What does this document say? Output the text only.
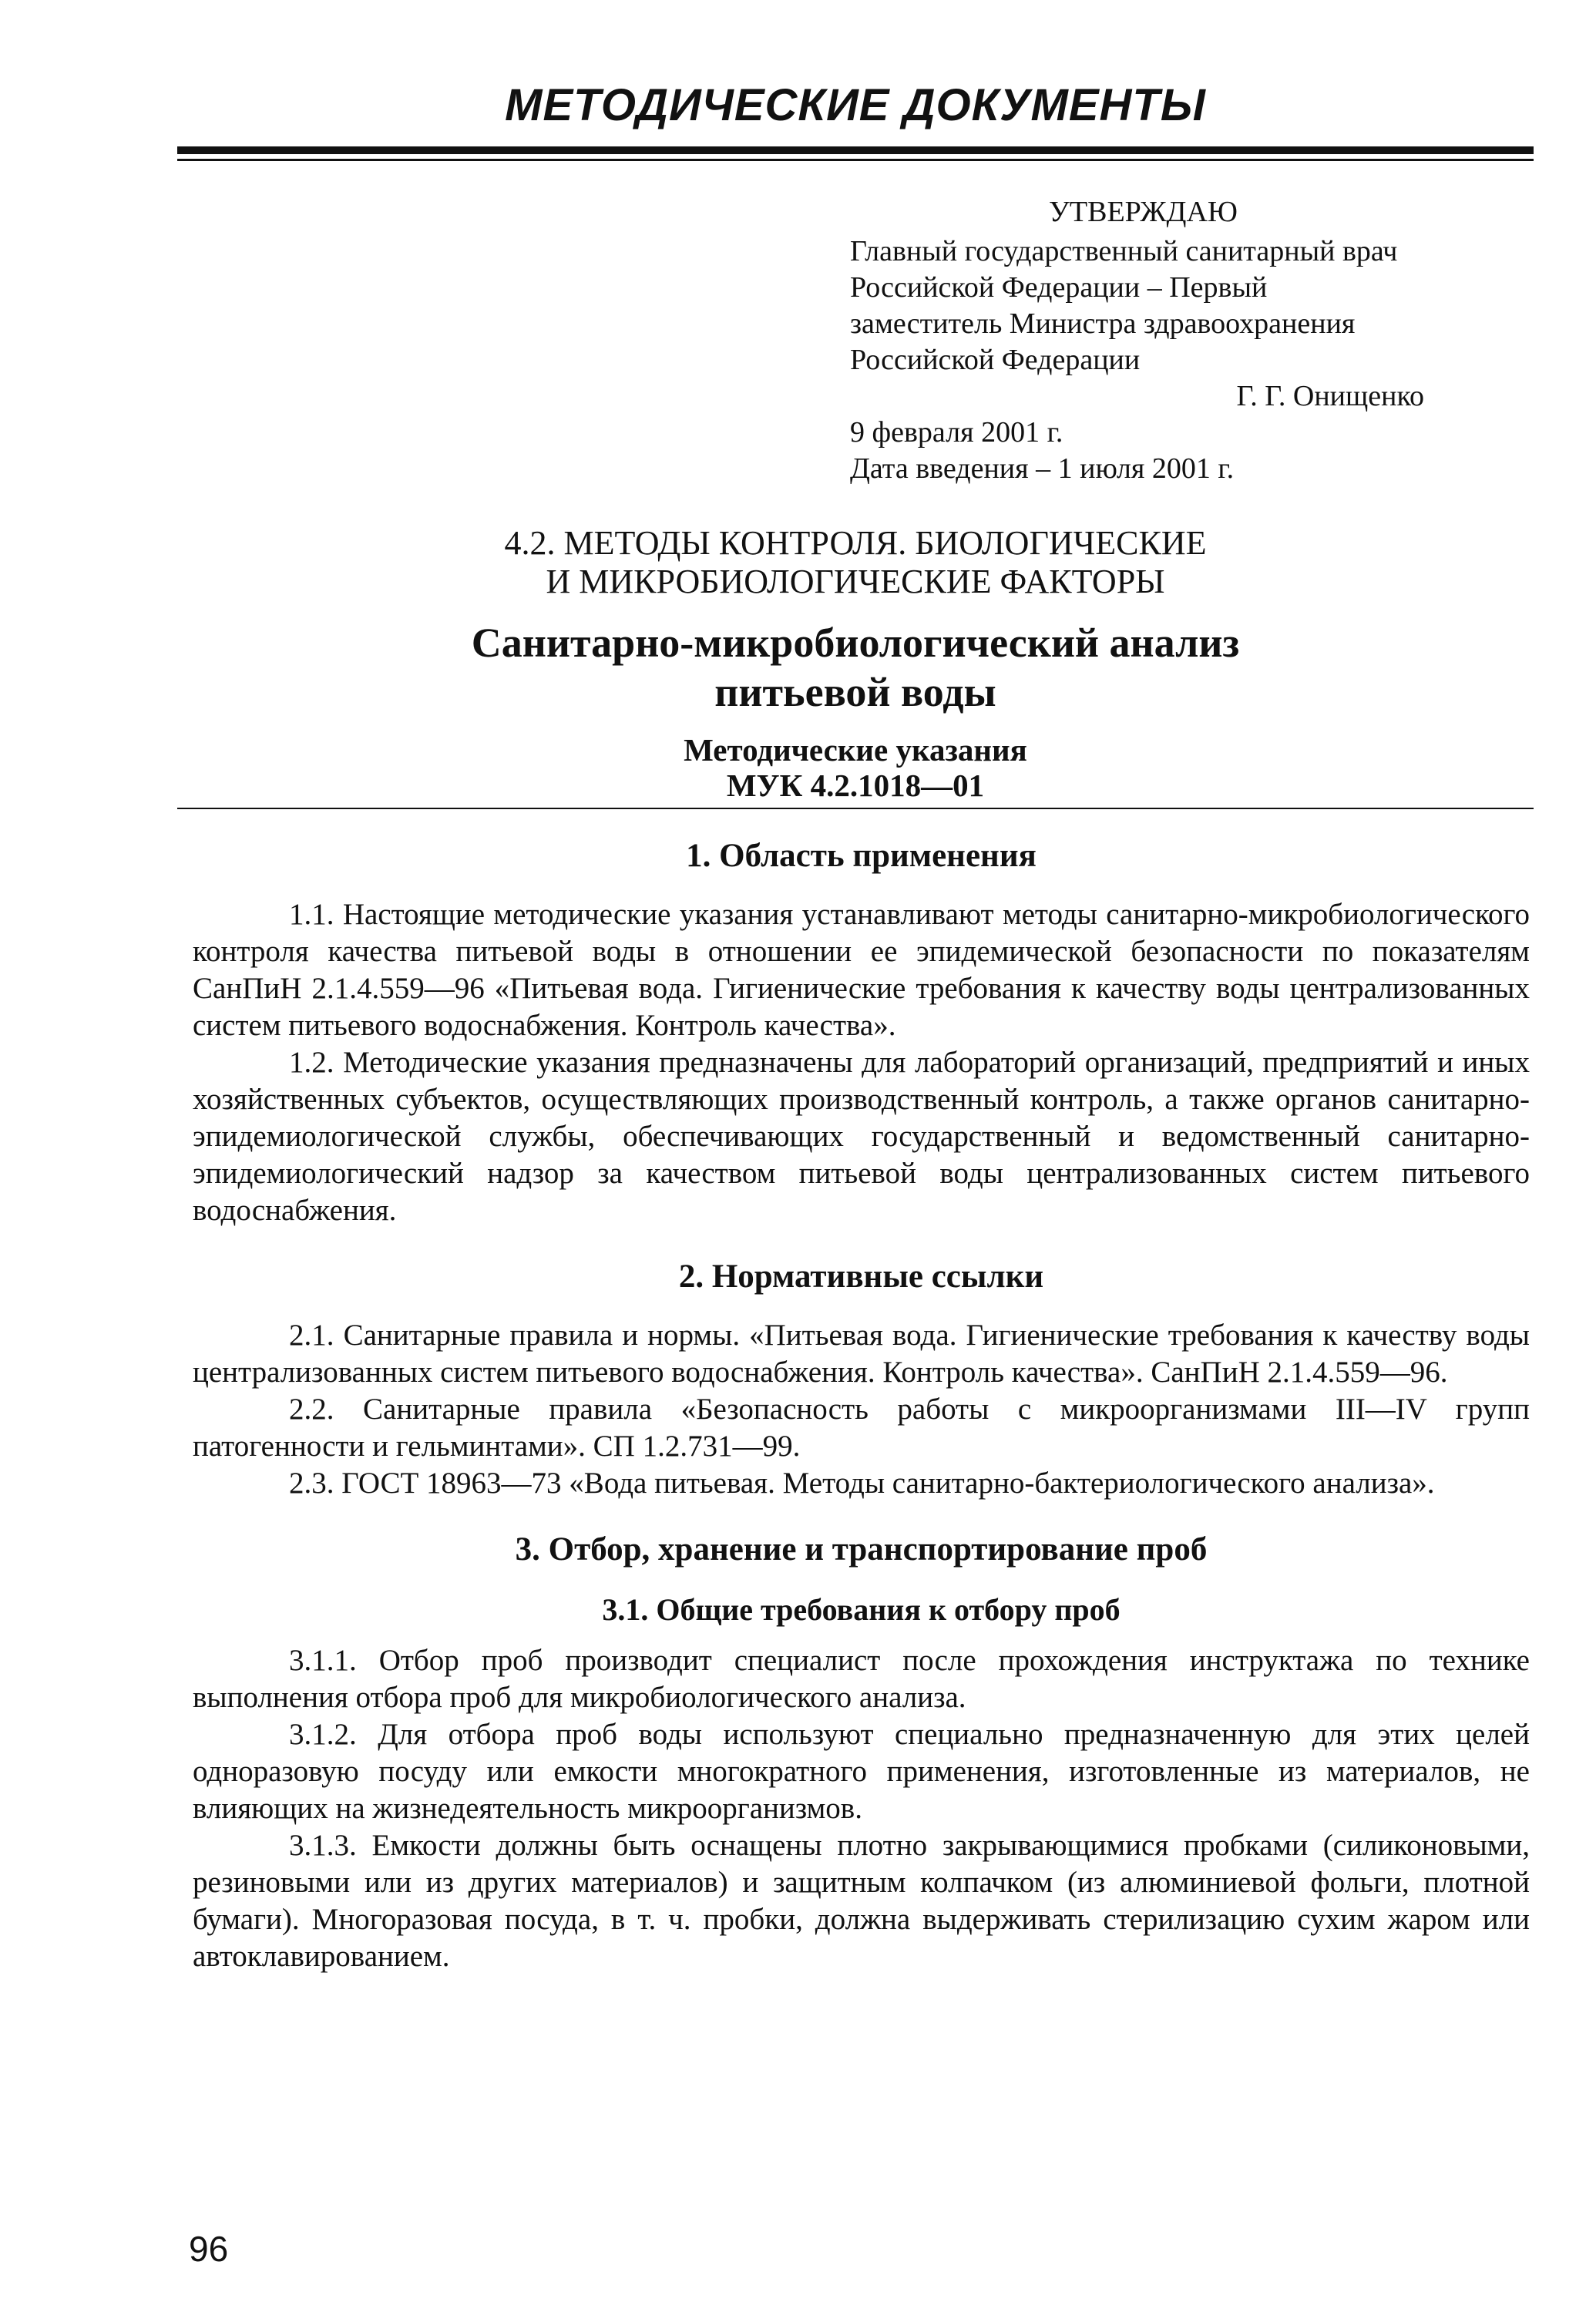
МЕТОДИЧЕСКИЕ ДОКУМЕНТЫ
УТВЕРЖДАЮ
Главный государственный санитарный врач
Российской Федерации – Первый
заместитель Министра здравоохранения
Российской Федерации
Г. Г. Онищенко
9 февраля 2001 г.
Дата введения – 1 июля 2001 г.
4.2. МЕТОДЫ КОНТРОЛЯ. БИОЛОГИЧЕСКИЕ
И МИКРОБИОЛОГИЧЕСКИЕ ФАКТОРЫ
Санитарно-микробиологический анализ
питьевой воды
Методические указания
МУК 4.2.1018—01
1. Область применения

1.1. Настоящие методические указания устанавливают методы санитарно-микробиологического контроля качества питьевой воды в отношении ее эпидемической безопасности по показателям СанПиН 2.1.4.559—96 «Питьевая вода. Гигиенические требования к качеству воды централизованных систем питьевого водоснабжения. Контроль качества».

1.2. Методические указания предназначены для лабораторий организаций, предприятий и иных хозяйственных субъектов, осуществляющих производственный контроль, а также органов санитарно-эпидемиологической службы, обеспечивающих государственный и ведомственный санитарно-эпидемиологический надзор за качеством питьевой воды централизованных систем питьевого водоснабжения.

2. Нормативные ссылки

2.1. Санитарные правила и нормы. «Питьевая вода. Гигиенические требования к качеству воды централизованных систем питьевого водоснабжения. Контроль качества». СанПиН 2.1.4.559—96.

2.2. Санитарные правила «Безопасность работы с микроорганизмами III—IV групп патогенности и гельминтами». СП 1.2.731—99.

2.3. ГОСТ 18963—73 «Вода питьевая. Методы санитарно-бактериологического анализа».

3. Отбор, хранение и транспортирование проб
3.1. Общие требования к отбору проб

3.1.1. Отбор проб производит специалист после прохождения инструктажа по технике выполнения отбора проб для микробиологического анализа.

3.1.2. Для отбора проб воды используют специально предназначенную для этих целей одноразовую посуду или емкости многократного применения, изготовленные из материалов, не влияющих на жизнедеятельность микроорганизмов.

3.1.3. Емкости должны быть оснащены плотно закрывающимися пробками (силиконовыми, резиновыми или из других материалов) и защитным колпачком (из алюминиевой фольги, плотной бумаги). Многоразовая посуда, в т. ч. пробки, должна выдерживать стерилизацию сухим жаром или автоклавированием.

96
